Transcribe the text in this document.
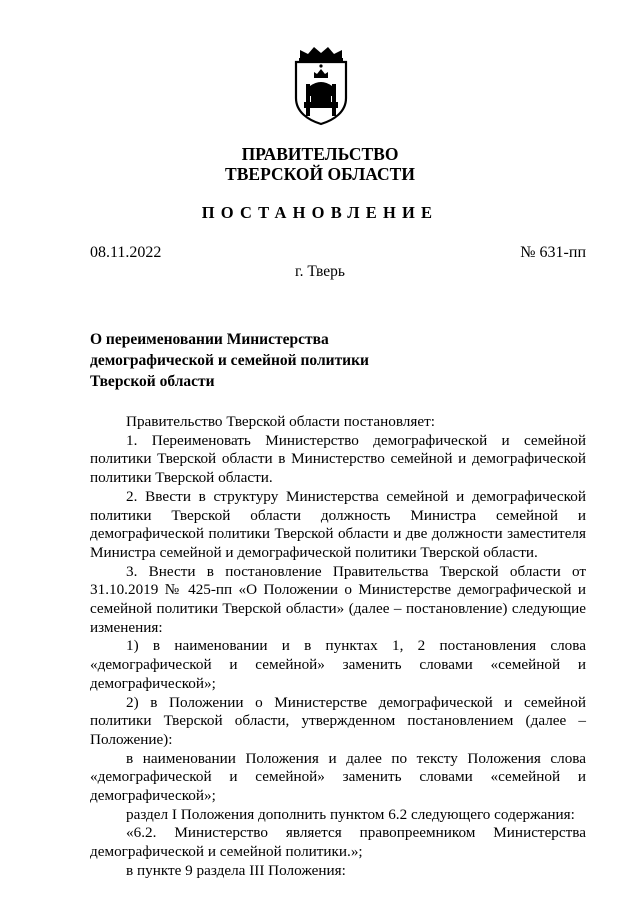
ПРАВИТЕЛЬСТВО
ТВЕРСКОЙ ОБЛАСТИ
ПОСТАНОВЛЕНИЕ
08.11.2022	№ 631-пп
г. Тверь
О переименовании Министерства
демографической и семейной политики
Тверской области

Правительство Тверской области постановляет:

1. Переименовать Министерство демографической и семейной политики Тверской области в Министерство семейной и демографической политики Тверской области.

2. Ввести в структуру Министерства семейной и демографической политики Тверской области должность Министра семейной и демографической политики Тверской области и две должности заместителя Министра семейной и демографической политики Тверской области.

3. Внести в постановление Правительства Тверской области от 31.10.2019 № 425-пп «О Положении о Министерстве демографической и семейной политики Тверской области» (далее – постановление) следующие изменения:

1) в наименовании и в пунктах 1, 2 постановления слова «демографической и семейной» заменить словами «семейной и демографической»;

2) в Положении о Министерстве демографической и семейной политики Тверской области, утвержденном постановлением (далее – Положение):

в наименовании Положения и далее по тексту Положения слова «демографической и семейной» заменить словами «семейной и демографической»;

раздел I Положения дополнить пунктом 6.2 следующего содержания:

«6.2. Министерство является правопреемником Министерства демографической и семейной политики.»;

в пункте 9 раздела III Положения:
